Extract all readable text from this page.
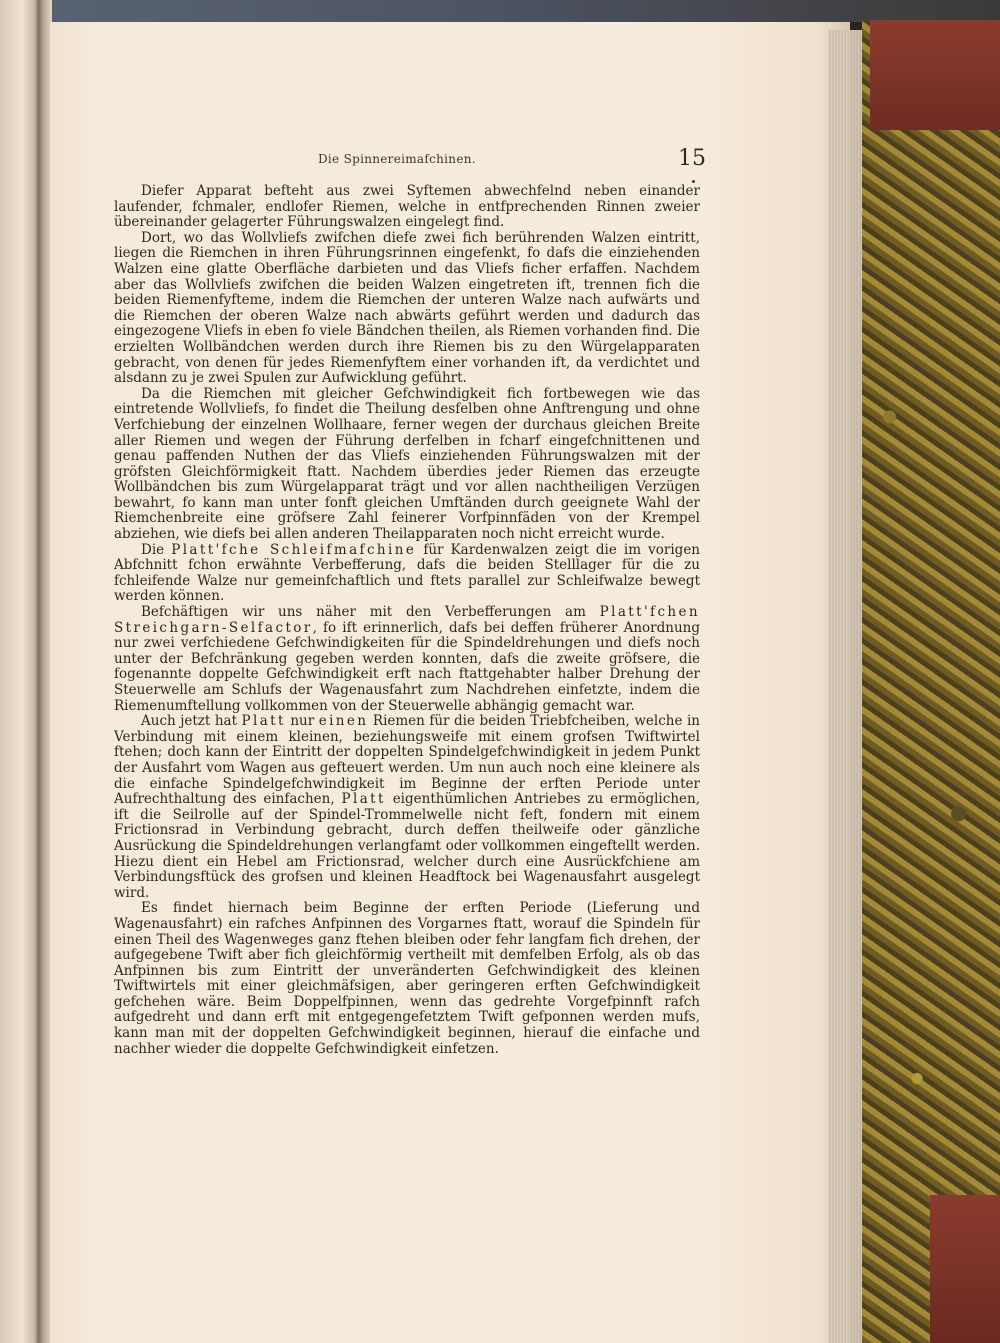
Die Spinnereimafchinen.	15

Diefer Apparat befteht aus zwei Syftemen abwechfelnd neben einander laufender, fchmaler, endlofer Riemen, welche in entfprechenden Rinnen zweier übereinander gelagerter Führungswalzen eingelegt find.

Dort, wo das Wollvliefs zwifchen diefe zwei fich berührenden Walzen eintritt, liegen die Riemchen in ihren Führungsrinnen eingefenkt, fo dafs die einziehenden Walzen eine glatte Oberfläche darbieten und das Vliefs ficher erfaffen. Nachdem aber das Wollvliefs zwifchen die beiden Walzen eingetreten ift, trennen fich die beiden Riemenfyfteme, indem die Riemchen der unteren Walze nach aufwärts und die Riemchen der oberen Walze nach abwärts geführt werden und dadurch das eingezogene Vliefs in eben fo viele Bändchen theilen, als Riemen vorhanden find. Die erzielten Wollbändchen werden durch ihre Riemen bis zu den Würgelapparaten gebracht, von denen für jedes Riemenfyftem einer vorhanden ift, da verdichtet und alsdann zu je zwei Spulen zur Aufwicklung geführt.

Da die Riemchen mit gleicher Gefchwindigkeit fich fortbewegen wie das eintretende Wollvliefs, fo findet die Theilung desfelben ohne Anftrengung und ohne Verfchiebung der einzelnen Wollhaare, ferner wegen der durchaus gleichen Breite aller Riemen und wegen der Führung derfelben in fcharf eingefchnittenen und genau paffenden Nuthen der das Vliefs einziehenden Führungswalzen mit der gröfsten Gleichförmigkeit ftatt. Nachdem überdies jeder Riemen das erzeugte Wollbändchen bis zum Würgelapparat trägt und vor allen nachtheiligen Verzügen bewahrt, fo kann man unter fonft gleichen Umftänden durch geeignete Wahl der Riemchenbreite eine gröfsere Zahl feinerer Vorfpinnfäden von der Krempel abziehen, wie diefs bei allen anderen Theilapparaten noch nicht erreicht wurde.

Die Platt'fche Schleifmafchine für Kardenwalzen zeigt die im vorigen Abfchnitt fchon erwähnte Verbefferung, dafs die beiden Stelllager für die zu fchleifende Walze nur gemeinfchaftlich und ftets parallel zur Schleifwalze bewegt werden können.

Befchäftigen wir uns näher mit den Verbefferungen am Platt'fchen Streichgarn-Selfactor, fo ift erinnerlich, dafs bei deffen früherer Anordnung nur zwei verfchiedene Gefchwindigkeiten für die Spindeldrehungen und diefs noch unter der Befchränkung gegeben werden konnten, dafs die zweite gröfsere, die fogenannte doppelte Gefchwindigkeit erft nach ftattgehabter halber Drehung der Steuerwelle am Schlufs der Wagenausfahrt zum Nachdrehen einfetzte, indem die Riemenumftellung vollkommen von der Steuerwelle abhängig gemacht war.

Auch jetzt hat Platt nur einen Riemen für die beiden Triebfcheiben, welche in Verbindung mit einem kleinen, beziehungsweife mit einem grofsen Twiftwirtel ftehen; doch kann der Eintritt der doppelten Spindelgefchwindigkeit in jedem Punkt der Ausfahrt vom Wagen aus gefteuert werden. Um nun auch noch eine kleinere als die einfache Spindelgefchwindigkeit im Beginne der erften Periode unter Aufrechthaltung des einfachen, Platt eigenthümlichen Antriebes zu ermöglichen, ift die Seilrolle auf der Spindel-Trommelwelle nicht feft, fondern mit einem Frictionsrad in Verbindung gebracht, durch deffen theilweife oder gänzliche Ausrückung die Spindeldrehungen verlangfamt oder vollkommen eingeftellt werden. Hiezu dient ein Hebel am Frictionsrad, welcher durch eine Ausrückfchiene am Verbindungsftück des grofsen und kleinen Headftock bei Wagenausfahrt ausgelegt wird.

Es findet hiernach beim Beginne der erften Periode (Lieferung und Wagenausfahrt) ein rafches Anfpinnen des Vorgarnes ftatt, worauf die Spindeln für einen Theil des Wagenweges ganz ftehen bleiben oder fehr langfam fich drehen, der aufgegebene Twift aber fich gleichförmig vertheilt mit demfelben Erfolg, als ob das Anfpinnen bis zum Eintritt der unveränderten Gefchwindigkeit des kleinen Twiftwirtels mit einer gleichmäfsigen, aber geringeren erften Gefchwindigkeit gefchehen wäre. Beim Doppelfpinnen, wenn das gedrehte Vorgefpinnft rafch aufgedreht und dann erft mit entgegengefetztem Twift gefponnen werden mufs, kann man mit der doppelten Gefchwindigkeit beginnen, hierauf die einfache und nachher wieder die doppelte Gefchwindigkeit einfetzen.
